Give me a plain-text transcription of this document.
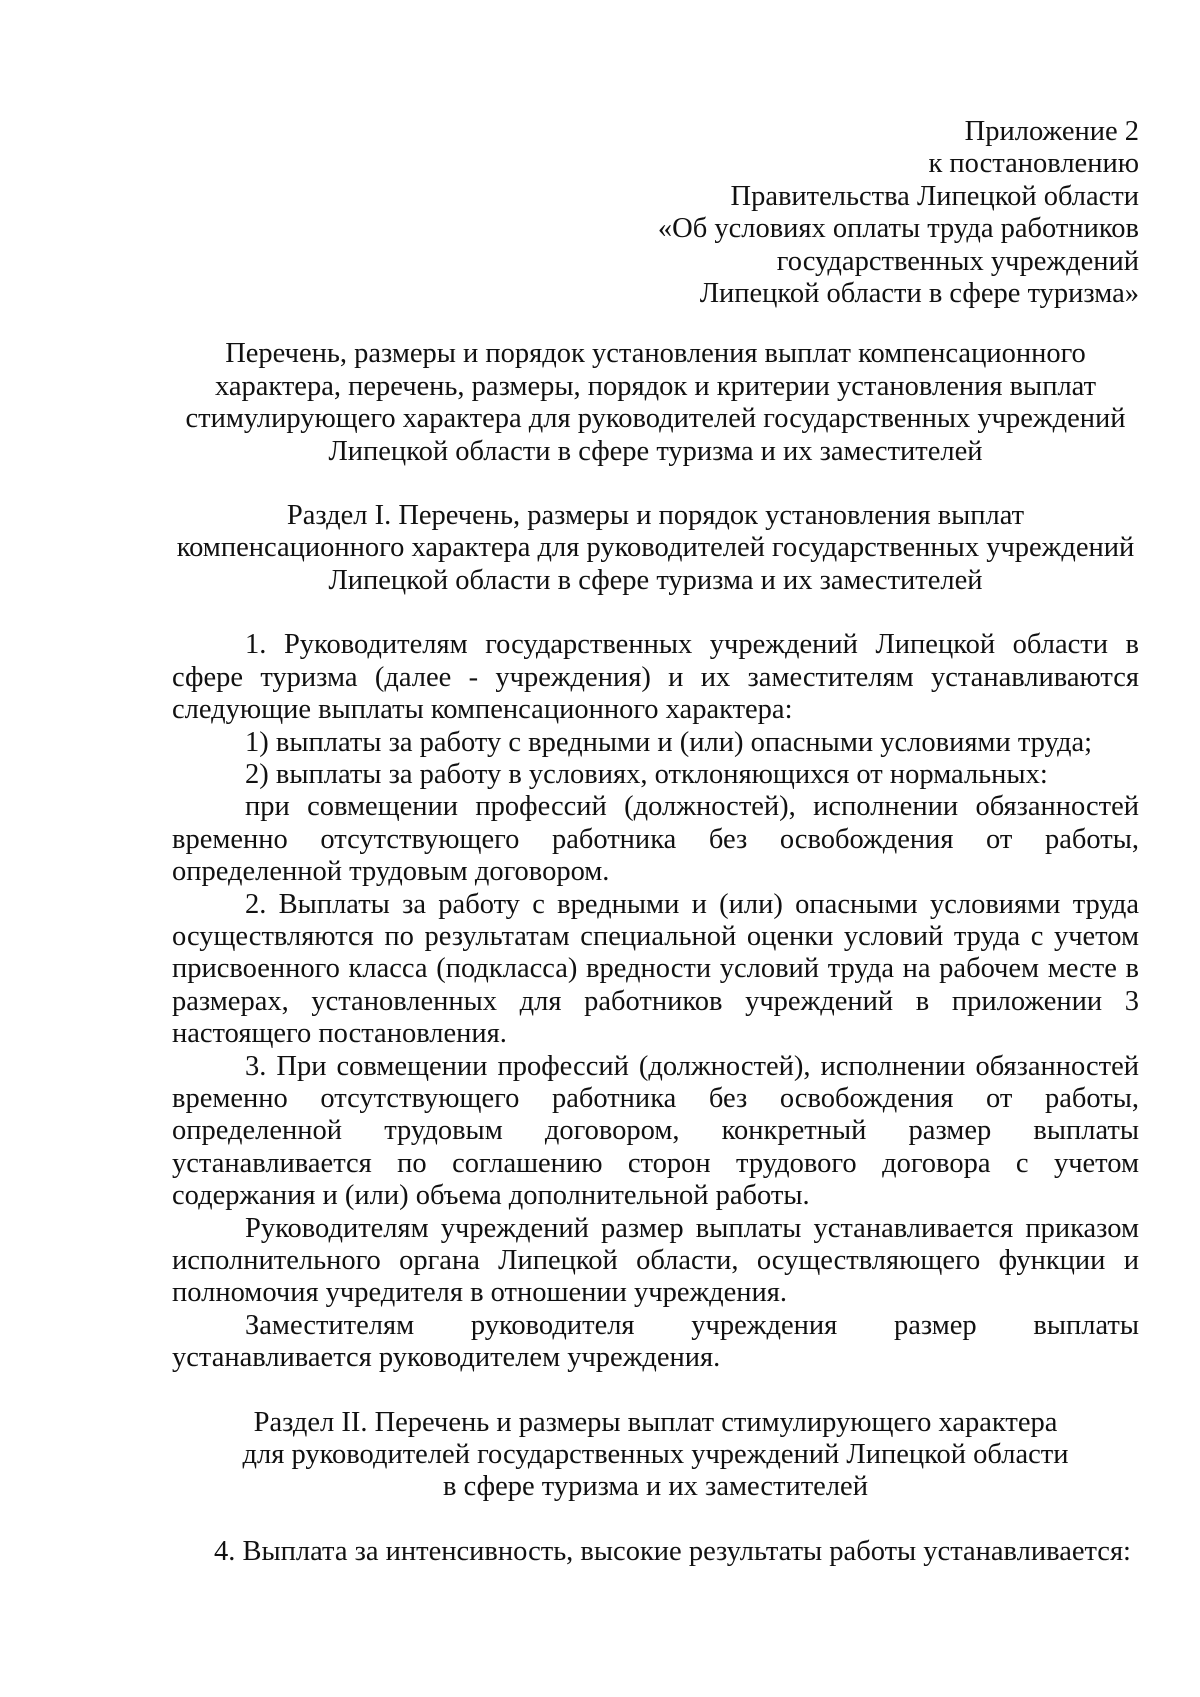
Приложение 2
к постановлению
Правительства Липецкой области
«Об условиях оплаты труда работников
государственных учреждений
Липецкой области в сфере туризма»
Перечень, размеры и порядок установления выплат компенсационного
характера, перечень, размеры, порядок и критерии установления выплат
стимулирующего характера для руководителей государственных учреждений
Липецкой области в сфере туризма и их заместителей
Раздел I. Перечень, размеры и порядок установления выплат
компенсационного характера для руководителей государственных учреждений
Липецкой области в сфере туризма и их заместителей

1. Руководителям государственных учреждений Липецкой области в сфере туризма (далее - учреждения) и их заместителям устанавливаются следующие выплаты компенсационного характера:

1) выплаты за работу с вредными и (или) опасными условиями труда;

2) выплаты за работу в условиях, отклоняющихся от нормальных:

при совмещении профессий (должностей), исполнении обязанностей временно отсутствующего работника без освобождения от работы, определенной трудовым договором.

2. Выплаты за работу с вредными и (или) опасными условиями труда осуществляются по результатам специальной оценки условий труда с учетом присвоенного класса (подкласса) вредности условий труда на рабочем месте в размерах, установленных для работников учреждений в приложении 3 настоящего постановления.

3. При совмещении профессий (должностей), исполнении обязанностей временно отсутствующего работника без освобождения от работы, определенной трудовым договором, конкретный размер выплаты устанавливается по соглашению сторон трудового договора с учетом содержания и (или) объема дополнительной работы.

Руководителям учреждений размер выплаты устанавливается приказом исполнительного органа Липецкой области, осуществляющего функции и полномочия учредителя в отношении учреждения.

Заместителям руководителя учреждения размер выплаты устанавливается руководителем учреждения.

Раздел II. Перечень и размеры выплат стимулирующего характера
для руководителей государственных учреждений Липецкой области
в сфере туризма и их заместителей

4. Выплата за интенсивность, высокие результаты работы устанавливается:
